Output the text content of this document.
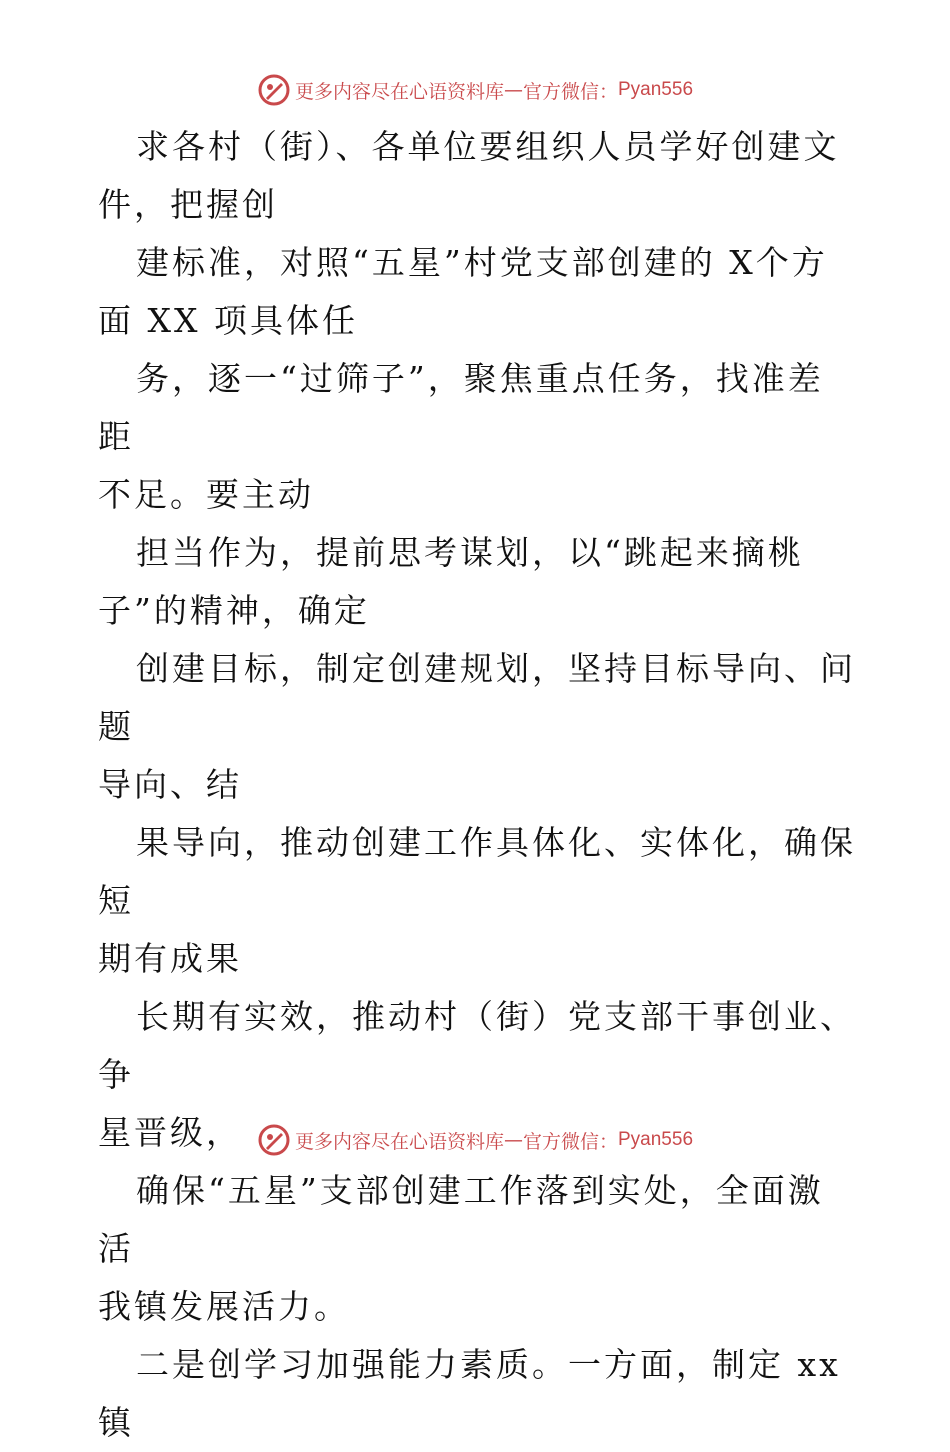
更多内容尽在心语资料库 — 官方微信： Pyan556

求各村（街）、各单位要组织人员学好创建文
件，把握创

建标准，对照“五星”村党支部创建的 X个方
面 XX 项具体任

务，逐一“过筛子”，聚焦重点任务，找准差距
不足。要主动

担当作为，提前思考谋划，以“跳起来摘桃
子”的精神，确定

创建目标，制定创建规划，坚持目标导向、问题
导向、结

果导向，推动创建工作具体化、实体化，确保短
期有成果

长期有实效，推动村（街）党支部干事创业、争
星晋级，

确保“五星”支部创建工作落到实处，全面激活
我镇发展活力。

二是创学习加强能力素质。一方面，制定 xx 镇

更多内容尽在心语资料库 — 官方微信： Pyan556
